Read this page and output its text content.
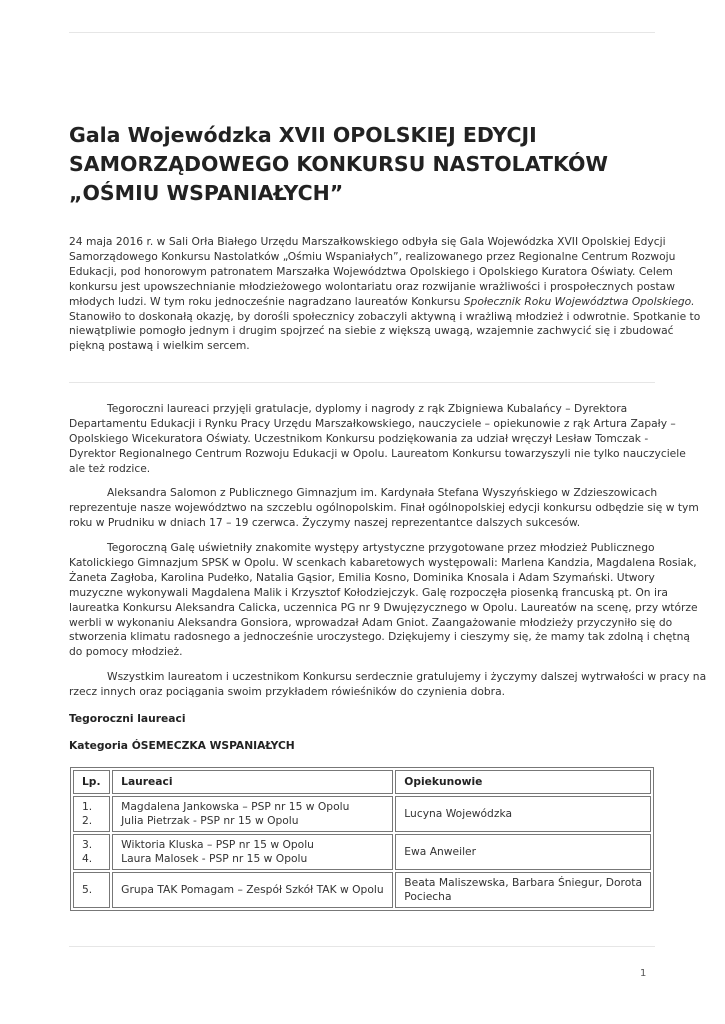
Gala Wojewódzka XVII OPOLSKIEJ EDYCJI
SAMORZĄDOWEGO KONKURSU NASTOLATKÓW
„OŚMIU WSPANIAŁYCH”

24 maja 2016 r. w Sali Orła Białego Urzędu Marszałkowskiego odbyła się Gala Wojewódzka XVII Opolskiej Edycji
Samorządowego Konkursu Nastolatków „Ośmiu Wspaniałych”, realizowanego przez Regionalne Centrum Rozwoju
Edukacji, pod honorowym patronatem Marszałka Województwa Opolskiego i Opolskiego Kuratora Oświaty. Celem
konkursu jest upowszechnianie młodzieżowego wolontariatu oraz rozwijanie wrażliwości i prospołecznych postaw
młodych ludzi. W tym roku jednocześnie nagradzano laureatów Konkursu Społecznik Roku Województwa Opolskiego.
Stanowiło to doskonałą okazję, by dorośli społecznicy zobaczyli aktywną i wrażliwą młodzież i odwrotnie. Spotkanie to
niewątpliwie pomogło jednym i drugim spojrzeć na siebie z większą uwagą, wzajemnie zachwycić się i zbudować
piękną postawą i wielkim sercem.

Tegoroczni laureaci przyjęli gratulacje, dyplomy i nagrody z rąk Zbigniewa Kubalańcy – Dyrektora
Departamentu Edukacji i Rynku Pracy Urzędu Marszałkowskiego, nauczyciele – opiekunowie z rąk Artura Zapały –
Opolskiego Wicekuratora Oświaty. Uczestnikom Konkursu podziękowania za udział wręczył Lesław Tomczak -
Dyrektor Regionalnego Centrum Rozwoju Edukacji w Opolu. Laureatom Konkursu towarzyszyli nie tylko nauczyciele
ale też rodzice.

Aleksandra Salomon z Publicznego Gimnazjum im. Kardynała Stefana Wyszyńskiego w Zdzieszowicach
reprezentuje nasze województwo na szczeblu ogólnopolskim. Finał ogólnopolskiej edycji konkursu odbędzie się w tym
roku w Prudniku w dniach 17 – 19 czerwca. Życzymy naszej reprezentantce dalszych sukcesów.

Tegoroczną Galę uświetniły znakomite występy artystyczne przygotowane przez młodzież Publicznego
Katolickiego Gimnazjum SPSK w Opolu. W scenkach kabaretowych występowali: Marlena Kandzia, Magdalena Rosiak,
Żaneta Zagłoba, Karolina Pudełko, Natalia Gąsior, Emilia Kosno, Dominika Knosala i Adam Szymański. Utwory
muzyczne wykonywali Magdalena Malik i Krzysztof Kołodziejczyk. Galę rozpoczęła piosenką francuską pt. On ira
laureatka Konkursu Aleksandra Calicka, uczennica PG nr 9 Dwujęzycznego w Opolu. Laureatów na scenę, przy wtórze
werbli w wykonaniu Aleksandra Gonsiora, wprowadzał Adam Gniot. Zaangażowanie młodzieży przyczyniło się do
stworzenia klimatu radosnego a jednocześnie uroczystego. Dziękujemy i cieszymy się, że mamy tak zdolną i chętną
do pomocy młodzież.

Wszystkim laureatom i uczestnikom Konkursu serdecznie gratulujemy i życzymy dalszej wytrwałości w pracy na
rzecz innych oraz pociągania swoim przykładem rówieśników do czynienia dobra.

Tegoroczni laureaci
Kategoria ÓSEMECZKA WSPANIAŁYCH
Lp.	Laureaci	Opiekunowie

1.
2.	Magdalena Jankowska – PSP nr 15 w Opolu
Julia Pietrzak - PSP nr 15 w Opolu	Lucyna Wojewódzka

3.
4.	Wiktoria Kluska – PSP nr 15 w Opolu
Laura Malosek - PSP nr 15 w Opolu	Ewa Anweiler

5.	Grupa TAK Pomagam – Zespół Szkół TAK w Opolu	Beata Maliszewska, Barbara Śniegur, Dorota
Pociecha
1
